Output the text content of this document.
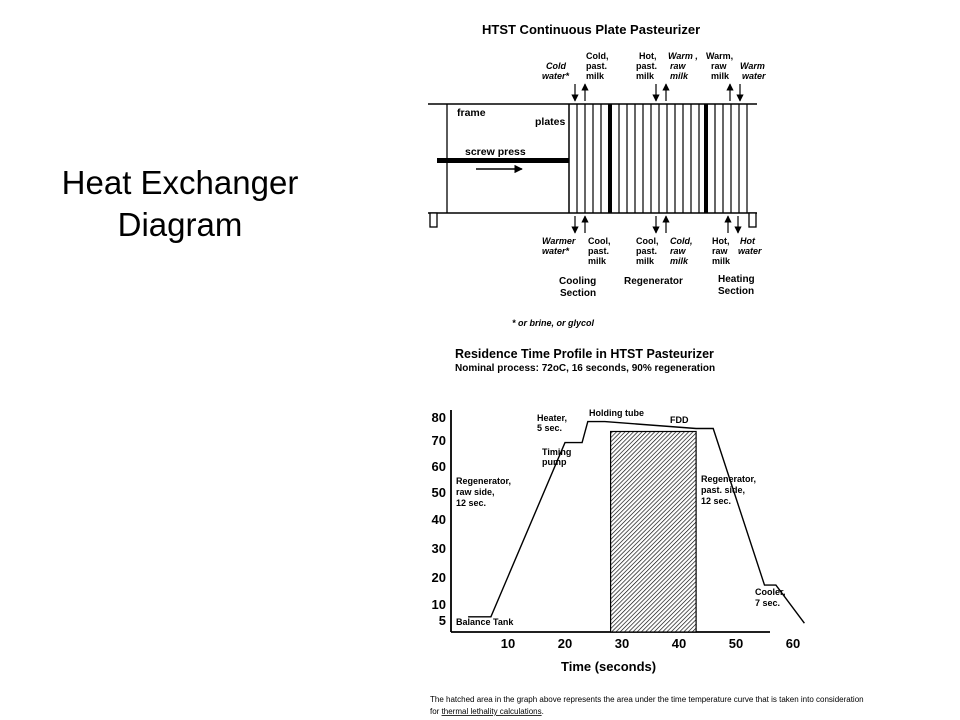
Heat Exchanger
Diagram
HTST Continuous Plate Pasteurizer
frame
plates
screw press
Cold water*
Cold, past. milk
Hot, past. milk
Warm , raw milk
Warm, raw milk
Warm water
Warmer water*
Cool, past. milk
Cool, past. milk
Cold, raw milk
Hot, raw milk
Hot water
Cooling Section
Regenerator	Heating Section
* or brine, or glycol
Residence Time Profile in HTST Pasteurizer
Nominal process: 72oC, 16 seconds, 90% regeneration
5
10
20
30
40
50
60
70
80
10	20	30	40	50	60
Time (seconds)
Balance Tank
Regenerator, raw side, 12 sec.
Heater, 5 sec.
Timing pump
Holding tube
FDD
Regenerator, past. side, 12 sec.
Cooler, 7 sec.
The hatched area in the graph above represents the area under the time temperature curve that is taken into consideration
for thermal lethality calculations.
